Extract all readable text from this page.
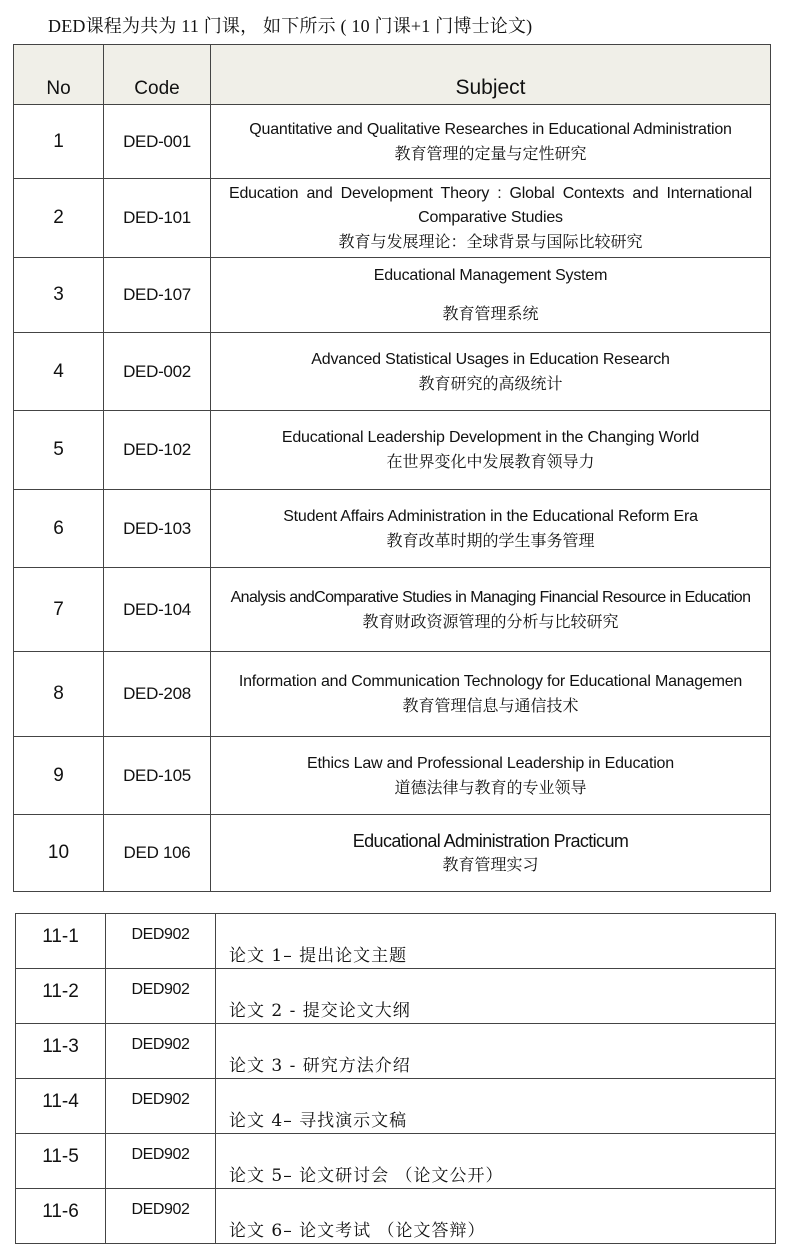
DED课程为共为 11 门课， 如下所示 ( 10 门课+1 门博士论文)
No	Code	Subject
1	DED-001	Quantitative and Qualitative Researches in Educational Administration
教育管理的定量与定性研究

2	DED-101	Education and Development Theory : Global Contexts and International Comparative Studies
教育与发展理论：全球背景与国际比较研究

3	DED-107	Educational Management System
教育管理系统

4	DED-002	Advanced Statistical Usages in Education Research
教育研究的高级统计

5	DED-102	Educational Leadership Development in the Changing World
在世界变化中发展教育领导力

6	DED-103	Student Affairs Administration in the Educational Reform Era
教育改革时期的学生事务管理

7	DED-104	Analysis andComparative Studies in Managing Financial Resource in Education
教育财政资源管理的分析与比较研究

8	DED-208	Information and Communication Technology for Educational Managemen
教育管理信息与通信技术

9	DED-105	Ethics Law and Professional Leadership in Education
道德法律与教育的专业领导

10	DED 106	Educational Administration Practicum
教育管理实习
11-1	DED902	论文 1– 提出论文主题
11-2	DED902	论文 2 - 提交论文大纲
11-3	DED902	论文 3 - 研究方法介绍
11-4	DED902	论文 4– 寻找演示文稿
11-5	DED902	论文 5– 论文研讨会 （论文公开）
11-6	DED902	论文 6– 论文考试 （论文答辩）
